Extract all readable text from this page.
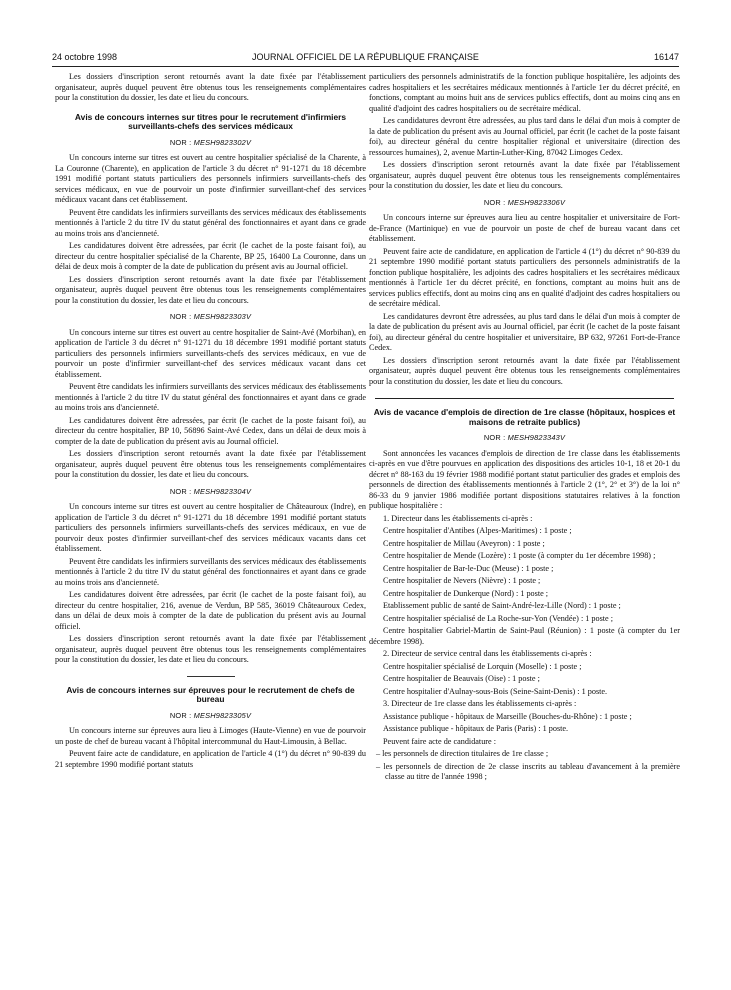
24 octobre 1998	JOURNAL OFFICIEL DE LA RÉPUBLIQUE FRANÇAISE	16147

Les dossiers d'inscription seront retournés avant la date fixée par l'établissement organisateur, auprès duquel peuvent être obtenus tous les renseignements complémentaires pour la constitution du dossier, les date et lieu du concours.

Avis de concours internes sur titres pour le recrutement d'infirmiers surveillants-chefs des services médicaux
NOR : MESH9823302V

Un concours interne sur titres est ouvert au centre hospitalier spécialisé de la Charente, à La Couronne (Charente), en application de l'article 3 du décret n° 91-1271 du 18 décembre 1991 modifié portant statuts particuliers des personnels infirmiers surveillants-chefs des services médicaux, en vue de pourvoir un poste d'infirmier surveillant-chef des services médicaux vacant dans cet établissement.

Peuvent être candidats les infirmiers surveillants des services médicaux des établissements mentionnés à l'article 2 du titre IV du statut général des fonctionnaires et ayant dans ce grade au moins trois ans d'ancienneté.

Les candidatures doivent être adressées, par écrit (le cachet de la poste faisant foi), au directeur du centre hospitalier spécialisé de la Charente, BP 25, 16400 La Couronne, dans un délai de deux mois à compter de la date de publication du présent avis au Journal officiel.

Les dossiers d'inscription seront retournés avant la date fixée par l'établissement organisateur, auprès duquel peuvent être obtenus tous les renseignements complémentaires pour la constitution du dossier, les date et lieu du concours.

NOR : MESH9823303V

Un concours interne sur titres est ouvert au centre hospitalier de Saint-Avé (Morbihan), en application de l'article 3 du décret n° 91-1271 du 18 décembre 1991 modifié portant statuts particuliers des personnels infirmiers surveillants-chefs des services médicaux, en vue de pourvoir un poste d'infirmier surveillant-chef des services médicaux vacant dans cet établissement.

Peuvent être candidats les infirmiers surveillants des services médicaux des établissements mentionnés à l'article 2 du titre IV du statut général des fonctionnaires et ayant dans ce grade au moins trois ans d'ancienneté.

Les candidatures doivent être adressées, par écrit (le cachet de la poste faisant foi), au directeur du centre hospitalier, BP 10, 56896 Saint-Avé Cedex, dans un délai de deux mois à compter de la date de publication du présent avis au Journal officiel.

Les dossiers d'inscription seront retournés avant la date fixée par l'établissement organisateur, auprès duquel peuvent être obtenus tous les renseignements complémentaires pour la constitution du dossier, les date et lieu du concours.

NOR : MESH9823304V

Un concours interne sur titres est ouvert au centre hospitalier de Châteauroux (Indre), en application de l'article 3 du décret n° 91-1271 du 18 décembre 1991 modifié portant statuts particuliers des personnels infirmiers surveillants-chefs des services médicaux, en vue de pourvoir deux postes d'infirmier surveillant-chef des services médicaux vacants dans cet établissement.

Peuvent être candidats les infirmiers surveillants des services médicaux des établissements mentionnés à l'article 2 du titre IV du statut général des fonctionnaires et ayant dans ce grade au moins trois ans d'ancienneté.

Les candidatures doivent être adressées, par écrit (le cachet de la poste faisant foi), au directeur du centre hospitalier, 216, avenue de Verdun, BP 585, 36019 Châteauroux Cedex, dans un délai de deux mois à compter de la date de publication du présent avis au Journal officiel.

Les dossiers d'inscription seront retournés avant la date fixée par l'établissement organisateur, auprès duquel peuvent être obtenus tous les renseignements complémentaires pour la constitution du dossier, les date et lieu du concours.

Avis de concours internes sur épreuves pour le recrutement de chefs de bureau
NOR : MESH9823305V

Un concours interne sur épreuves aura lieu à Limoges (Haute-Vienne) en vue de pourvoir un poste de chef de bureau vacant à l'hôpital intercommunal du Haut-Limousin, à Bellac.

Peuvent faire acte de candidature, en application de l'article 4 (1°) du décret n° 90-839 du 21 septembre 1990 modifié portant statuts

particuliers des personnels administratifs de la fonction publique hospitalière, les adjoints des cadres hospitaliers et les secrétaires médicaux mentionnés à l'article 1er du décret précité, en fonctions, comptant au moins huit ans de services publics effectifs, dont au moins cinq ans en qualité d'adjoint des cadres hospitaliers ou de secrétaire médical.

Les candidatures devront être adressées, au plus tard dans le délai d'un mois à compter de la date de publication du présent avis au Journal officiel, par écrit (le cachet de la poste faisant foi), au directeur général du centre hospitalier régional et universitaire (direction des ressources humaines), 2, avenue Martin-Luther-King, 87042 Limoges Cedex.

Les dossiers d'inscription seront retournés avant la date fixée par l'établissement organisateur, auprès duquel peuvent être obtenus tous les renseignements complémentaires pour la constitution du dossier, les date et lieu du concours.

NOR : MESH9823306V

Un concours interne sur épreuves aura lieu au centre hospitalier et universitaire de Fort-de-France (Martinique) en vue de pourvoir un poste de chef de bureau vacant dans cet établissement.

Peuvent faire acte de candidature, en application de l'article 4 (1°) du décret n° 90-839 du 21 septembre 1990 modifié portant statuts particuliers des personnels administratifs de la fonction publique hospitalière, les adjoints des cadres hospitaliers et les secrétaires médicaux mentionnés à l'article 1er du décret précité, en fonctions, comptant au moins huit ans de services publics effectifs, dont au moins cinq ans en qualité d'adjoint des cadres hospitaliers ou de secrétaire médical.

Les candidatures devront être adressées, au plus tard dans le délai d'un mois à compter de la date de publication du présent avis au Journal officiel, par écrit (le cachet de la poste faisant foi), au directeur général du centre hospitalier et universitaire, BP 632, 97261 Fort-de-France Cedex.

Les dossiers d'inscription seront retournés avant la date fixée par l'établissement organisateur, auprès duquel peuvent être obtenus tous les renseignements complémentaires pour la constitution du dossier, les date et lieu du concours.

Avis de vacance d'emplois de direction de 1re classe (hôpitaux, hospices et maisons de retraite publics)
NOR : MESH9823343V

Sont annoncées les vacances d'emplois de direction de 1re classe dans les établissements ci-après en vue d'être pourvues en application des dispositions des articles 10-1, 18 et 20-1 du décret n° 88-163 du 19 février 1988 modifié portant statut particulier des grades et emplois des personnels de direction des établissements mentionnés à l'article 2 (1°, 2° et 3°) de la loi n° 86-33 du 9 janvier 1986 modifiée portant dispositions statutaires relatives à la fonction publique hospitalière :

1. Directeur dans les établissements ci-après :

Centre hospitalier d'Antibes (Alpes-Maritimes) : 1 poste ;

Centre hospitalier de Millau (Aveyron) : 1 poste ;

Centre hospitalier de Mende (Lozère) : 1 poste (à compter du 1er décembre 1998) ;

Centre hospitalier de Bar-le-Duc (Meuse) : 1 poste ;

Centre hospitalier de Nevers (Nièvre) : 1 poste ;

Centre hospitalier de Dunkerque (Nord) : 1 poste ;

Etablissement public de santé de Saint-André-lez-Lille (Nord) : 1 poste ;

Centre hospitalier spécialisé de La Roche-sur-Yon (Vendée) : 1 poste ;

Centre hospitalier Gabriel-Martin de Saint-Paul (Réunion) : 1 poste (à compter du 1er décembre 1998).

2. Directeur de service central dans les établissements ci-après :

Centre hospitalier spécialisé de Lorquin (Moselle) : 1 poste ;

Centre hospitalier de Beauvais (Oise) : 1 poste ;

Centre hospitalier d'Aulnay-sous-Bois (Seine-Saint-Denis) : 1 poste.

3. Directeur de 1re classe dans les établissements ci-après :

Assistance publique - hôpitaux de Marseille (Bouches-du-Rhône) : 1 poste ;

Assistance publique - hôpitaux de Paris (Paris) : 1 poste.

Peuvent faire acte de candidature :

– les personnels de direction titulaires de 1re classe ;

– les personnels de direction de 2e classe inscrits au tableau d'avancement à la première classe au titre de l'année 1998 ;
